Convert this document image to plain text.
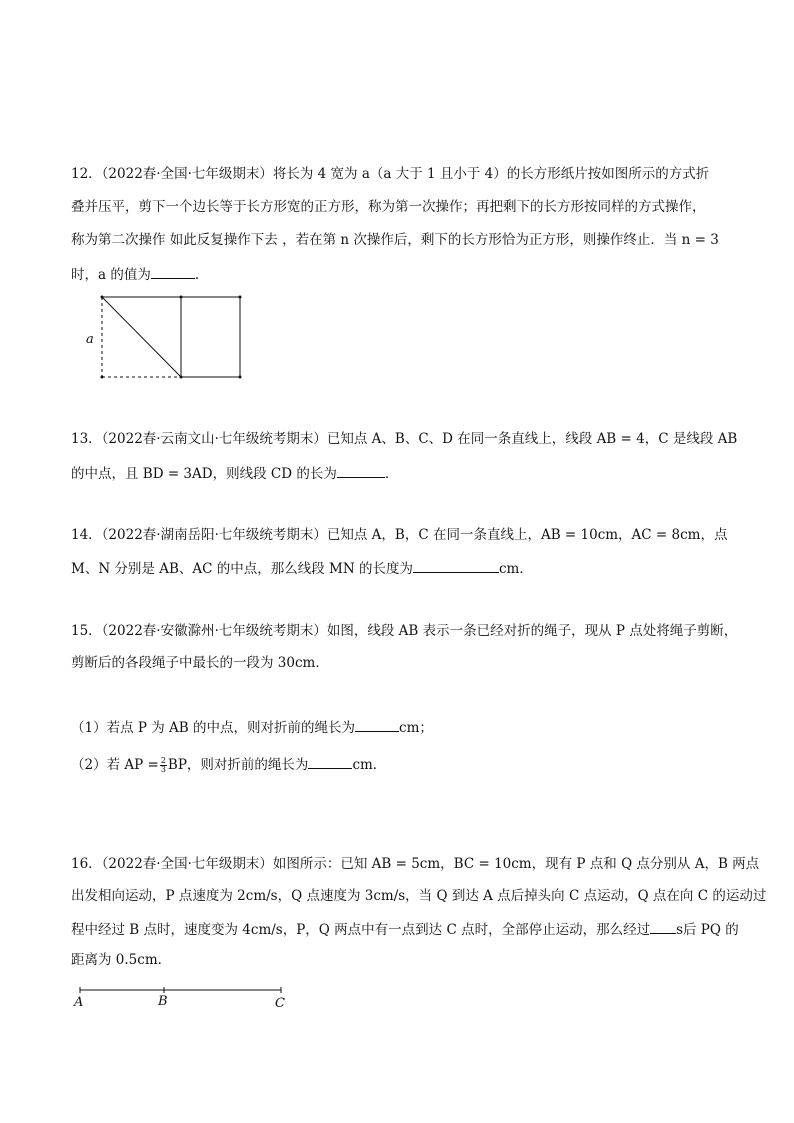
12．（2022春·全国·七年级期末）将长为 4 宽为 a（a 大于 1 且小于 4）的长方形纸片按如图所示的方式折
叠并压平，剪下一个边长等于长方形宽的正方形，称为第一次操作；再把剩下的长方形按同样的方式操作，
称为第二次操作 如此反复操作下去 ，若在第 n 次操作后，剩下的长方形恰为正方形，则操作终止．当 n = 3
时，a 的值为	．
a
13．（2022春·云南文山·七年级统考期末）已知点 A、B、C、D 在同一条直线上，线段 AB = 4，C 是线段 AB
的中点，且 BD = 3AD，则线段 CD 的长为	．
14．（2022春·湖南岳阳·七年级统考期末）已知点 A，B，C 在同一条直线上，AB = 10cm，AC = 8cm，点
M、N 分别是 AB、AC 的中点，那么线段 MN 的长度为	cm．
15．（2022春·安徽滁州·七年级统考期末）如图，线段 AB 表示一条已经对折的绳子，现从 P 点处将绳子剪断，
剪断后的各段绳子中最长的一段为 30cm．
（1）若点 P 为 AB 的中点，则对折前的绳长为	cm；
（2）若 AP = $\frac{2}{3}$ BP，则对折前的绳长为	cm．
16．（2022春·全国·七年级期末）如图所示：已知 AB = 5cm，BC = 10cm，现有 P 点和 Q 点分别从 A，B 两点
出发相向运动，P 点速度为 2cm/s，Q 点速度为 3cm/s，当 Q 到达 A 点后掉头向 C 点运动，Q 点在向 C 的运动过
程中经过 B 点时，速度变为 4cm/s，P，Q 两点中有一点到达 C 点时，全部停止运动，那么经过 s后 PQ 的
距离为 0.5cm．
A	B	C
